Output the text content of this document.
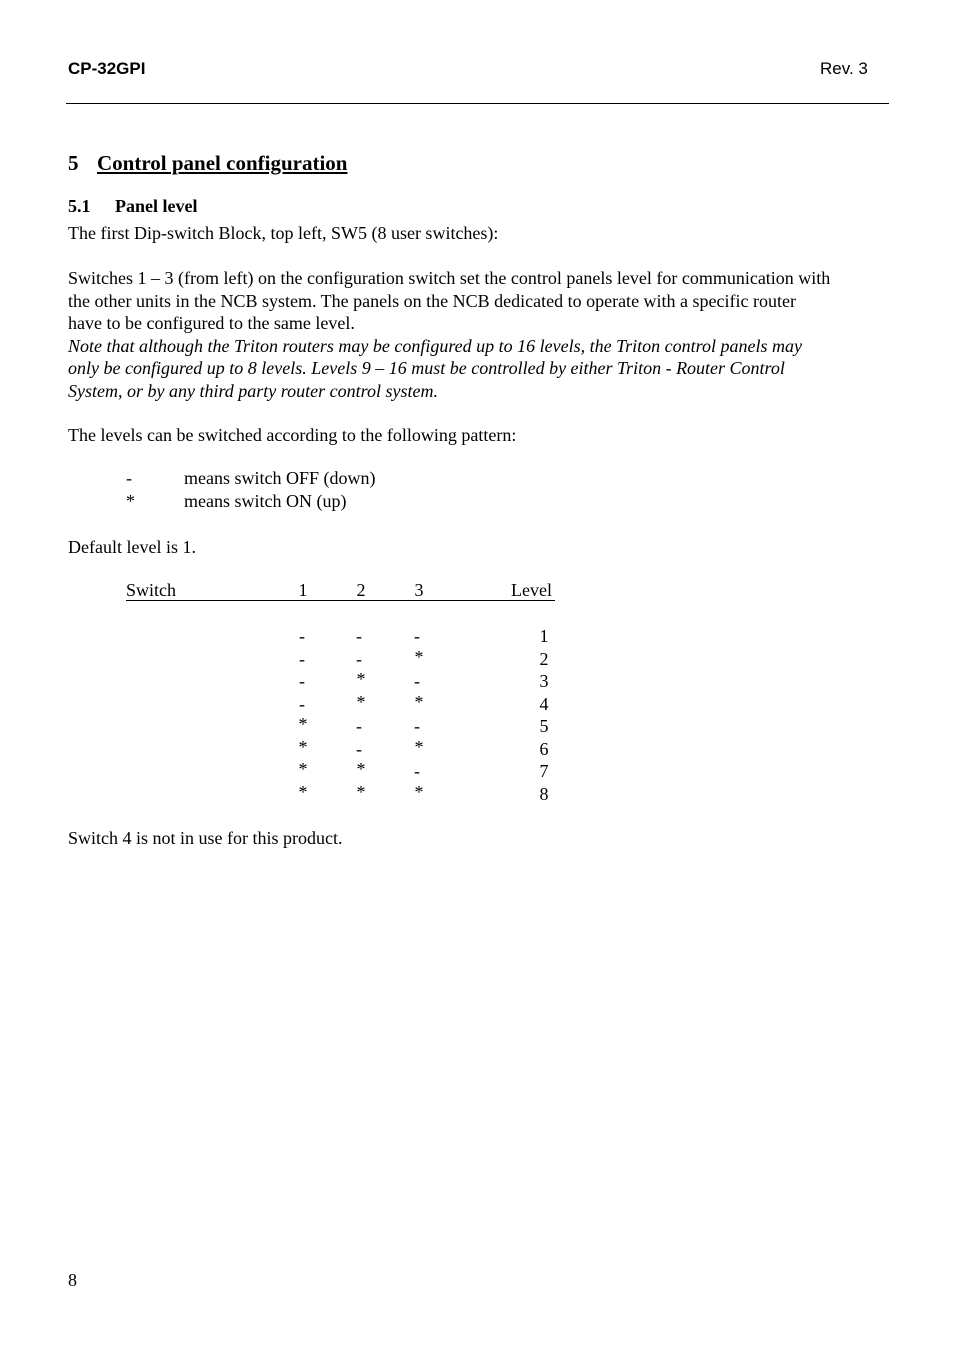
CP-32GPI	Rev. 3
5 Control panel configuration
5.1 Panel level
The first Dip-switch Block, top left, SW5 (8 user switches):
Switches 1 – 3 (from left) on the configuration switch set the control panels level for communication with
the other units in the NCB system. The panels on the NCB dedicated to operate with a specific router
have to be configured to the same level.
Note that although the Triton routers may be configured up to 16 levels, the Triton control panels may
only be configured up to 8 levels. Levels 9 – 16 must be controlled by either Triton - Router Control
System, or by any third party router control system.
The levels can be switched according to the following pattern:
-	means switch OFF (down)
*	means switch ON (up)
Default level is 1.
Switch	1	2	3	Level
-	-	-	1
-	-	*	2
-	*	-	3
-	*	*	4
*	-	-	5
*	-	*	6
*	*	-	7
*	*	*	8
Switch 4 is not in use for this product.
8
